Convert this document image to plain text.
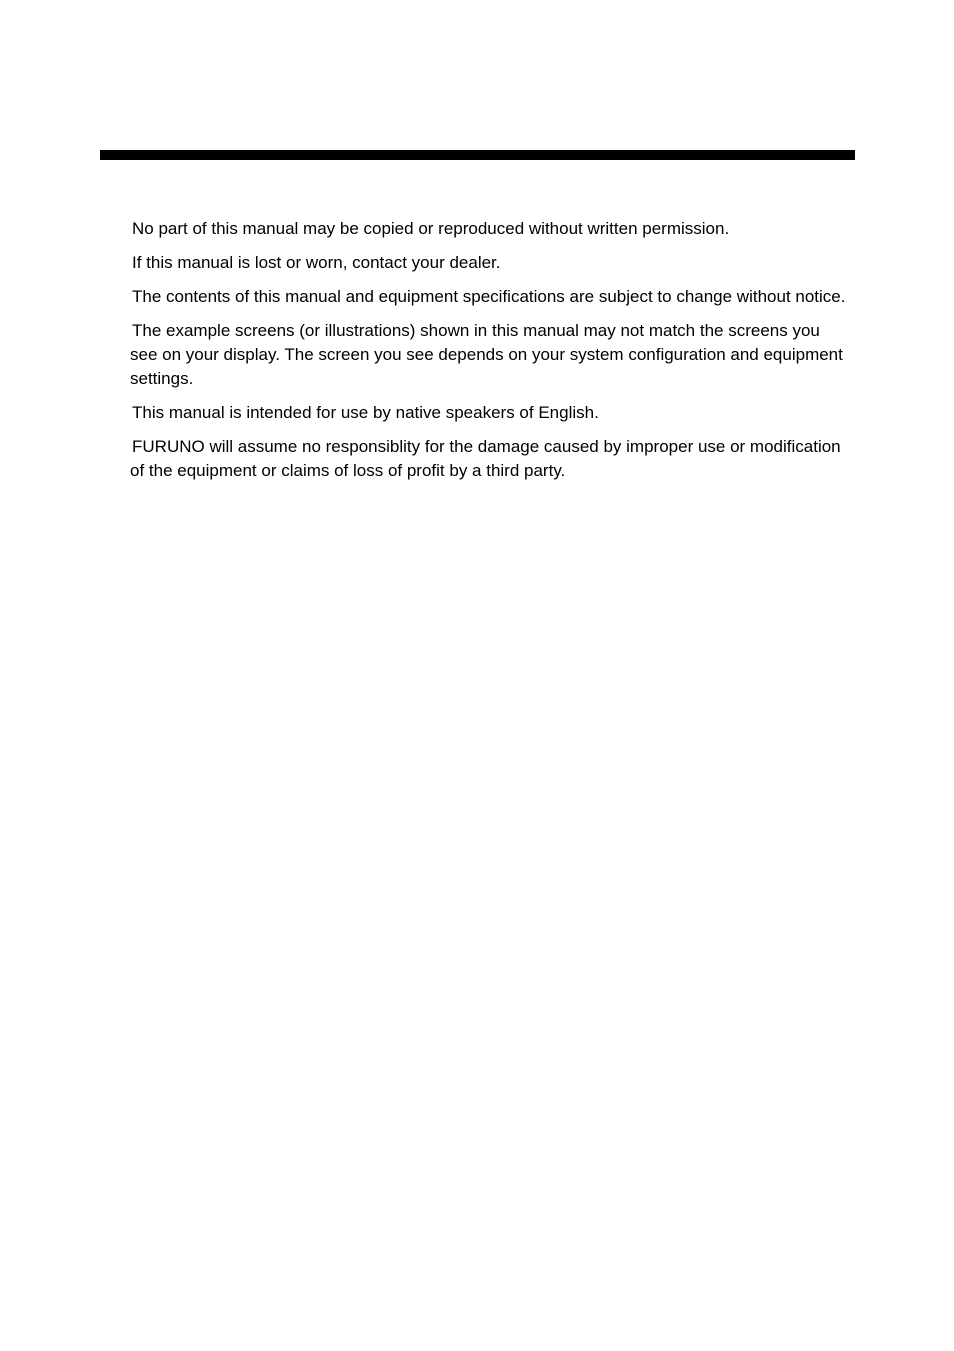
No part of this manual may be copied or reproduced without written permission.
If this manual is lost or worn, contact your dealer.
The contents of this manual and equipment specifications are subject to change without notice.
The example screens (or illustrations) shown in this manual may not match the screens you see on your display. The screen you see depends on your system configuration and equipment settings.
This manual is intended for use by native speakers of English.
FURUNO will assume no responsiblity for the damage caused by improper use or modification of the equipment or claims of loss of profit by a third party.
